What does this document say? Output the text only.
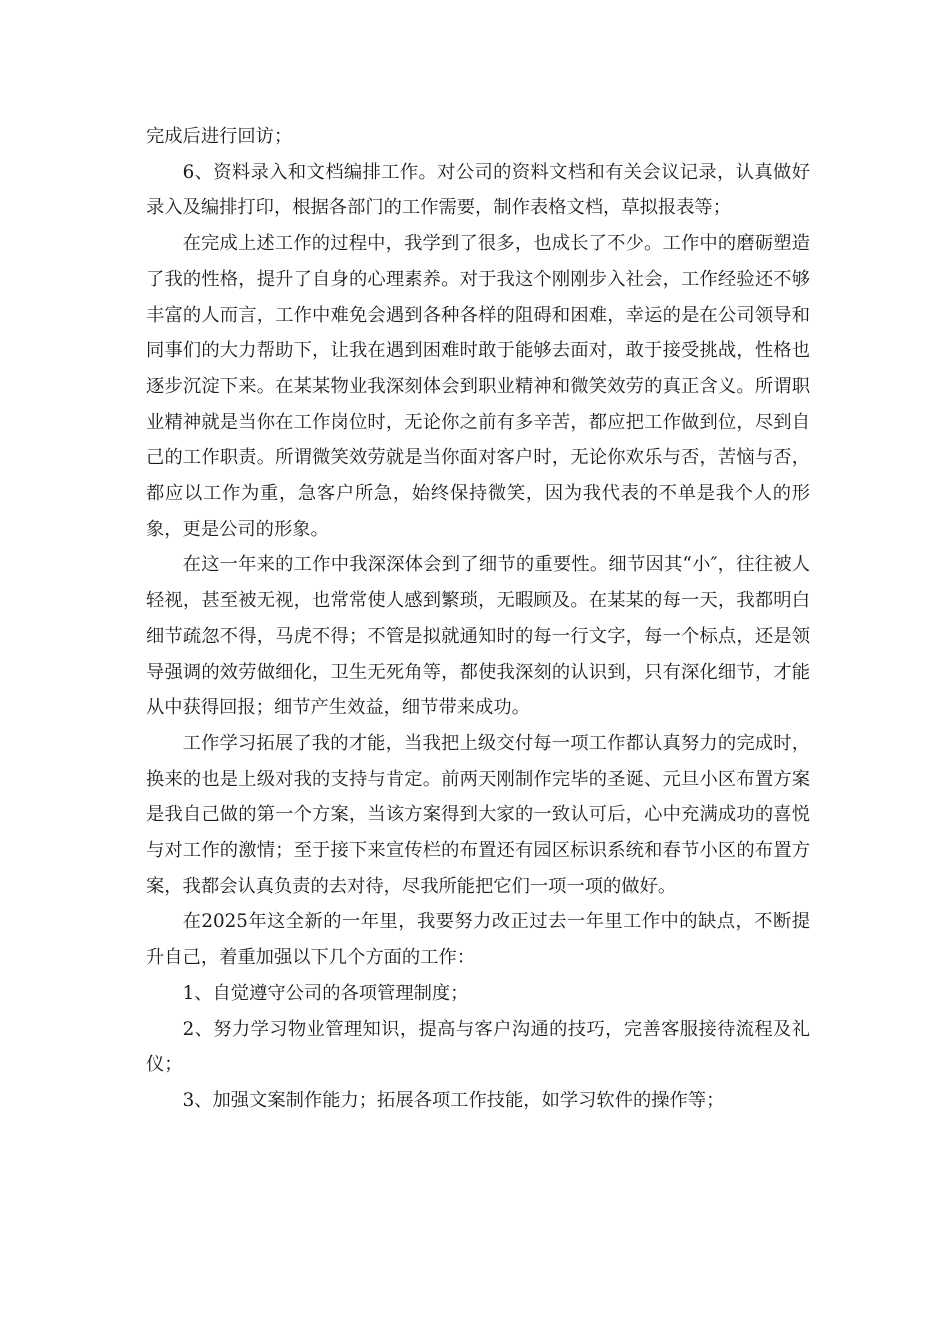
完成后进行回访；

6、资料录入和文档编排工作。对公司的资料文档和有关会议记录，认真做好录入及编排打印，根据各部门的工作需要，制作表格文档，草拟报表等；

在完成上述工作的过程中，我学到了很多，也成长了不少。工作中的磨砺塑造了我的性格，提升了自身的心理素养。对于我这个刚刚步入社会，工作经验还不够丰富的人而言，工作中难免会遇到各种各样的阻碍和困难，幸运的是在公司领导和同事们的大力帮助下，让我在遇到困难时敢于能够去面对，敢于接受挑战，性格也逐步沉淀下来。在某某物业我深刻体会到职业精神和微笑效劳的真正含义。所谓职业精神就是当你在工作岗位时，无论你之前有多辛苦，都应把工作做到位，尽到自己的工作职责。所谓微笑效劳就是当你面对客户时，无论你欢乐与否，苦恼与否，都应以工作为重，急客户所急，始终保持微笑，因为我代表的不单是我个人的形象，更是公司的形象。

在这一年来的工作中我深深体会到了细节的重要性。细节因其“小″，往往被人轻视，甚至被无视，也常常使人感到繁琐，无暇顾及。在某某的每一天，我都明白细节疏忽不得，马虎不得；不管是拟就通知时的每一行文字，每一个标点，还是领导强调的效劳做细化，卫生无死角等，都使我深刻的认识到，只有深化细节，才能从中获得回报；细节产生效益，细节带来成功。

工作学习拓展了我的才能，当我把上级交付每一项工作都认真努力的完成时，换来的也是上级对我的支持与肯定。前两天刚制作完毕的圣诞、元旦小区布置方案是我自己做的第一个方案，当该方案得到大家的一致认可后，心中充满成功的喜悦与对工作的激情；至于接下来宣传栏的布置还有园区标识系统和春节小区的布置方案，我都会认真负责的去对待，尽我所能把它们一项一项的做好。

在2025年这全新的一年里，我要努力改正过去一年里工作中的缺点，不断提升自己，着重加强以下几个方面的工作：

1、自觉遵守公司的各项管理制度；

2、努力学习物业管理知识，提高与客户沟通的技巧，完善客服接待流程及礼仪；

3、加强文案制作能力；拓展各项工作技能，如学习软件的操作等；
